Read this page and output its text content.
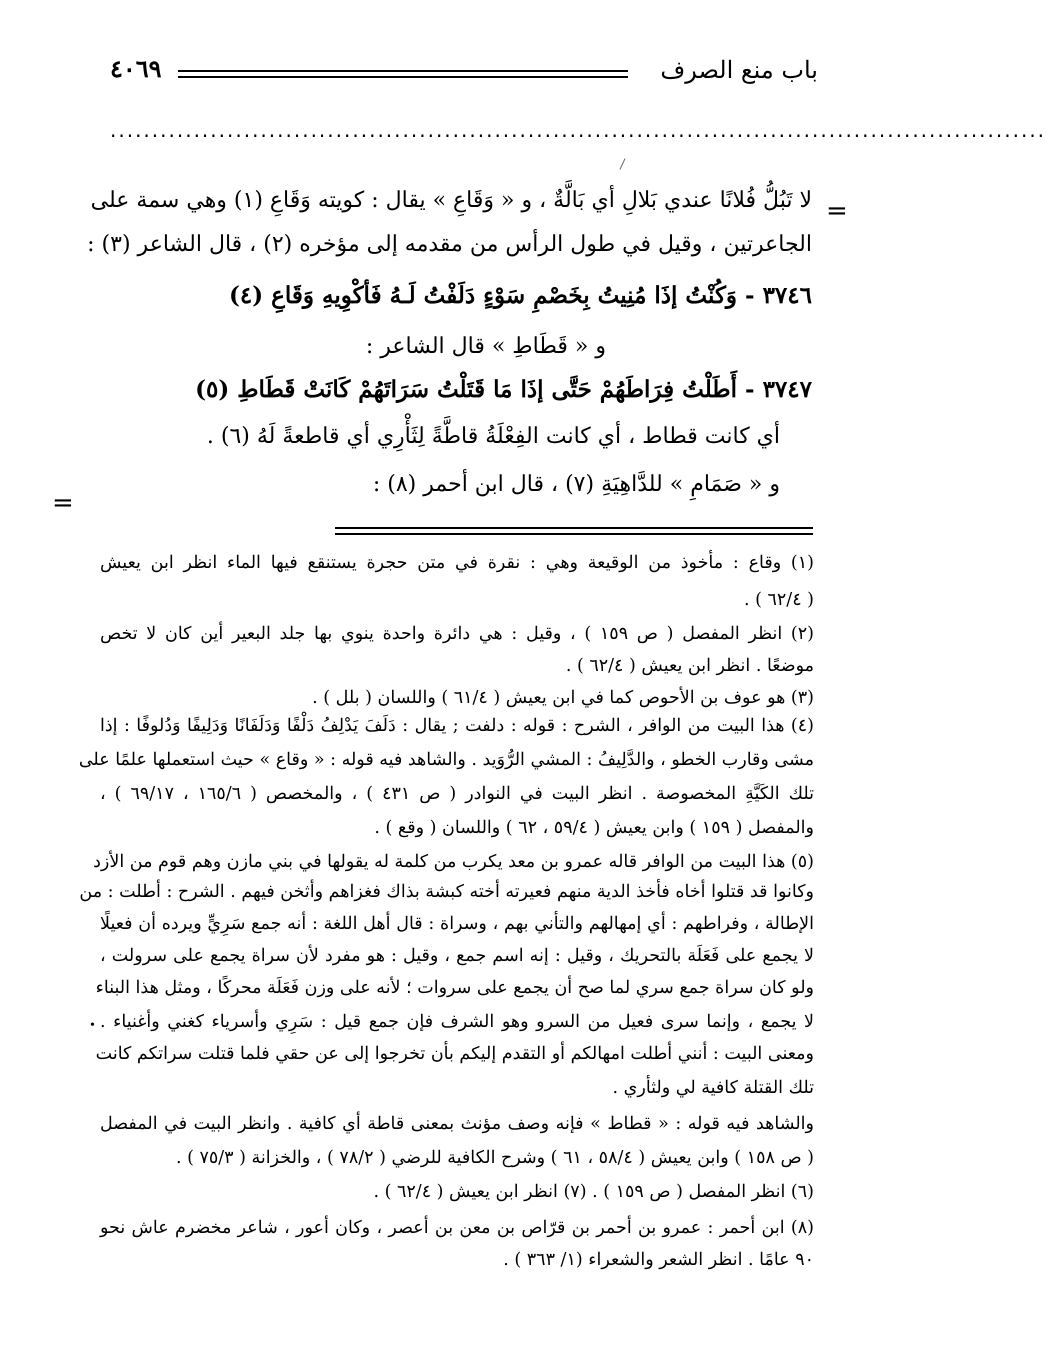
باب منع الصرف
٤٠٦٩
................................................................................................................
=
=
لا تَبُلُّ فُلانًا عندي بَلالِ أي بَالَّةٌ ، و « وَقَاعِ » يقال : كويته وَقَاعِ (١) وهي سمة على
الجاعرتين ، وقيل في طول الرأس من مقدمه إلى مؤخره (٢) ، قال الشاعر (٣) :
٣٧٤٦ - وَكُنْتُ إذَا مُنِيتُ بِخَصْمِ سَوْءٍ دَلَفْتُ لَـهُ فَأكْوِيهِ وَقَاعِ (٤)
و « قَطَاطِ » قال الشاعر :
٣٧٤٧ - أَطَلْتُ فِرَاطَهُمْ حَتَّى إذَا مَا قَتَلْتُ سَرَاتَهُمْ كَانَتْ قَطَاطِ (٥)
أي كانت قطاط ، أي كانت الفِعْلَةُ قاطَّةً لِثَأْرِي أي قاطعةً لَهُ (٦) .
و « صَمَامِ » للدَّاهِيَةِ (٧) ، قال ابن أحمر (٨) :
•
(١) وقاع : مأخوذ من الوقيعة وهي : نقرة في متن حجرة يستنقع فيها الماء انظر ابن يعيش
( ٦٢/٤ ) .
(٢) انظر المفصل ( ص ١٥٩ ) ، وقيل : هي دائرة واحدة ينوي بها جلد البعير أين كان لا تخص
موضعًا . انظر ابن يعيش ( ٦٢/٤ ) .
(٣) هو عوف بن الأحوص كما في ابن يعيش ( ٦١/٤ ) واللسان ( بلل ) .
(٤) هذا البيت من الوافر ، الشرح : قوله : دلفت ; يقال : دَلَفَ يَدْلِفُ دَلْفًا وَدَلَفَانًا وَدَلِيفًا وَدُلوفًا : إذا
مشى وقارب الخطو ، والدَّلِيفُ : المشي الرُّوَيد . والشاهد فيه قوله : « وقاع » حيث استعملها علمًا على
تلك الكَيَّةِ المخصوصة . انظر البيت في النوادر ( ص ٤٣١ ) ، والمخصص ( ١٦٥/٦ ، ٦٩/١٧ ) ،
والمفصل ( ١٥٩ ) وابن يعيش ( ٥٩/٤ ، ٦٢ ) واللسان ( وقع ) .
(٥) هذا البيت من الوافر قاله عمرو بن معد يكرب من كلمة له يقولها في بني مازن وهم قوم من الأزد
وكانوا قد قتلوا أخاه فأخذ الدية منهم فعيرته أخته كبشة بذاك فغزاهم وأثخن فيهم . الشرح : أطلت : من
الإطالة ، وفراطهم : أي إمهالهم والتأني بهم ، وسراة : قال أهل اللغة : أنه جمع سَرِيٍّ ويرده أن فعيلًا
لا يجمع على فَعَلَة بالتحريك ، وقيل : إنه اسم جمع ، وقيل : هو مفرد لأن سراة يجمع على سرولت ،
ولو كان سراة جمع سري لما صح أن يجمع على سروات ؛ لأنه على وزن فَعَلَة محركًا ، ومثل هذا البناء
لا يجمع ، وإنما سرى فعيل من السرو وهو الشرف فإن جمع قيل : سَرِي وأسرياء كغني وأغنياء .
ومعنى البيت : أنني أطلت امهالكم أو التقدم إليكم بأن تخرجوا إلى عن حقي فلما قتلت سراتكم كانت
تلك القتلة كافية لي ولثأري .
والشاهد فيه قوله : « قطاط » فإنه وصف مؤنث بمعنى قاطة أي كافية . وانظر البيت في المفصل
( ص ١٥٨ ) وابن يعيش ( ٥٨/٤ ، ٦١ ) وشرح الكافية للرضي ( ٧٨/٢ ) ، والخزانة ( ٧٥/٣ ) .
(٦) انظر المفصل ( ص ١٥٩ ) . (٧) انظر ابن يعيش ( ٦٢/٤ ) .
(٨) ابن أحمر : عمرو بن أحمر بن قرّاص بن معن بن أعصر ، وكان أعور ، شاعر مخضرم عاش نحو
٩٠ عامًا . انظر الشعر والشعراء (١/ ٣٦٣ ) .
